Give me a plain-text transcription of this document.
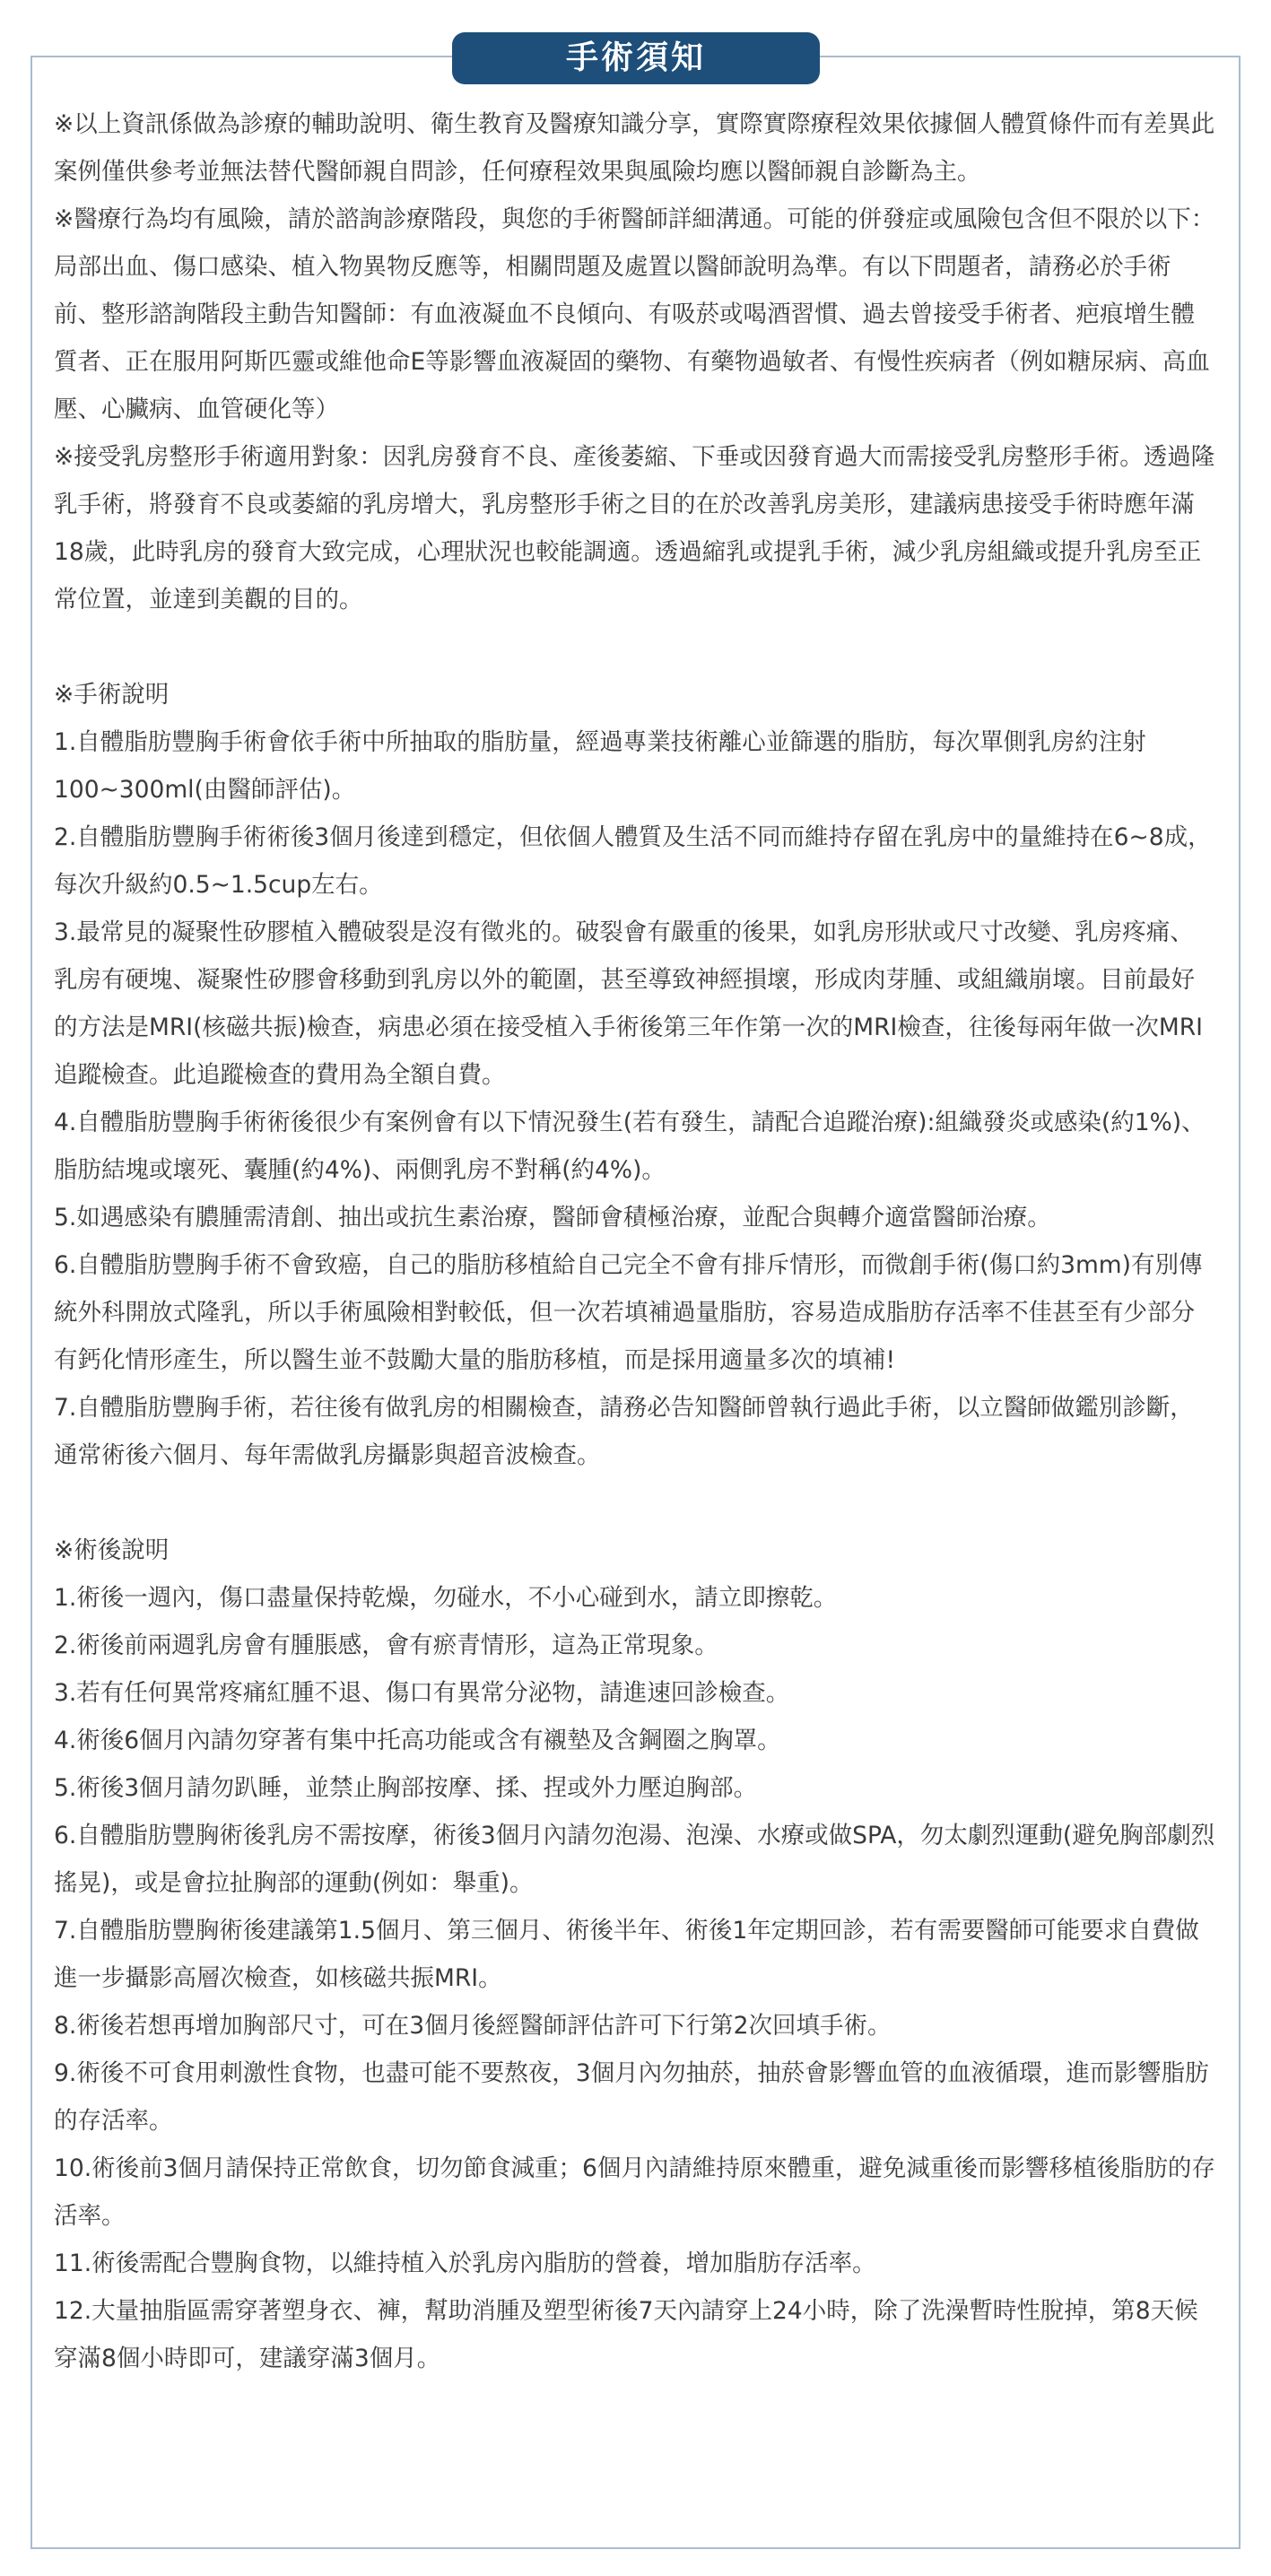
手術須知

※以上資訊係做為診療的輔助說明、衛生教育及醫療知識分享，實際實際療程效果依據個人體質條件而有差異此案例僅供參考並無法替代醫師親自問診，任何療程效果與風險均應以醫師親自診斷為主。

※醫療行為均有風險，請於諮詢診療階段，與您的手術醫師詳細溝通。可能的併發症或風險包含但不限於以下：局部出血、傷口感染、植入物異物反應等，相關問題及處置以醫師說明為準。有以下問題者，請務必於手術前、整形諮詢階段主動告知醫師：有血液凝血不良傾向、有吸菸或喝酒習慣、過去曾接受手術者、疤痕增生體質者、正在服用阿斯匹靈或維他命E等影響血液凝固的藥物、有藥物過敏者、有慢性疾病者（例如糖尿病、高血壓、心臟病、血管硬化等）

※接受乳房整形手術適用對象：因乳房發育不良、產後萎縮、下垂或因發育過大而需接受乳房整形手術。透過隆乳手術，將發育不良或萎縮的乳房增大，乳房整形手術之目的在於改善乳房美形，建議病患接受手術時應年滿18歲，此時乳房的發育大致完成，心理狀況也較能調適。透過縮乳或提乳手術，減少乳房組織或提升乳房至正常位置，並達到美觀的目的。

※手術說明

1.自體脂肪豐胸手術會依手術中所抽取的脂肪量，經過專業技術離心並篩選的脂肪，每次單側乳房約注射100~300ml(由醫師評估)。

2.自體脂肪豐胸手術術後3個月後達到穩定，但依個人體質及生活不同而維持存留在乳房中的量維持在6~8成，每次升級約0.5~1.5cup左右。

3.最常見的凝聚性矽膠植入體破裂是沒有徵兆的。破裂會有嚴重的後果，如乳房形狀或尺寸改變、乳房疼痛、乳房有硬塊、凝聚性矽膠會移動到乳房以外的範圍，甚至導致神經損壞，形成肉芽腫、或組織崩壞。目前最好的方法是MRI(核磁共振)檢查，病患必須在接受植入手術後第三年作第一次的MRI檢查，往後每兩年做一次MRI 追蹤檢查。此追蹤檢查的費用為全額自費。

4.自體脂肪豐胸手術術後很少有案例會有以下情況發生(若有發生，請配合追蹤治療):組織發炎或感染(約1%)、脂肪結塊或壞死、囊腫(約4%)、兩側乳房不對稱(約4%)。

5.如遇感染有膿腫需清創、抽出或抗生素治療，醫師會積極治療，並配合與轉介適當醫師治療。

6.自體脂肪豐胸手術不會致癌，自己的脂肪移植給自己完全不會有排斥情形，而微創手術(傷口約3mm)有別傳統外科開放式隆乳，所以手術風險相對較低，但一次若填補過量脂肪，容易造成脂肪存活率不佳甚至有少部分有鈣化情形產生，所以醫生並不鼓勵大量的脂肪移植，而是採用適量多次的填補!

7.自體脂肪豐胸手術，若往後有做乳房的相關檢查，請務必告知醫師曾執行過此手術，以立醫師做鑑別診斷，通常術後六個月、每年需做乳房攝影與超音波檢查。

※術後說明

1.術後一週內，傷口盡量保持乾燥，勿碰水，不小心碰到水，請立即擦乾。

2.術後前兩週乳房會有腫脹感，會有瘀青情形，這為正常現象。

3.若有任何異常疼痛紅腫不退、傷口有異常分泌物，請進速回診檢查。

4.術後6個月內請勿穿著有集中托高功能或含有襯墊及含鋼圈之胸罩。

5.術後3個月請勿趴睡，並禁止胸部按摩、揉、捏或外力壓迫胸部。

6.自體脂肪豐胸術後乳房不需按摩，術後3個月內請勿泡湯、泡澡、水療或做SPA，勿太劇烈運動(避免胸部劇烈搖晃)，或是會拉扯胸部的運動(例如：舉重)。

7.自體脂肪豐胸術後建議第1.5個月、第三個月、術後半年、術後1年定期回診，若有需要醫師可能要求自費做進一步攝影高層次檢查，如核磁共振MRI。

8.術後若想再增加胸部尺寸，可在3個月後經醫師評估許可下行第2次回填手術。

9.術後不可食用刺激性食物，也盡可能不要熬夜，3個月內勿抽菸，抽菸會影響血管的血液循環，進而影響脂肪的存活率。

10.術後前3個月請保持正常飲食，切勿節食減重；6個月內請維持原來體重，避免減重後而影響移植後脂肪的存活率。

11.術後需配合豐胸食物，以維持植入於乳房內脂肪的營養，增加脂肪存活率。

12.大量抽脂區需穿著塑身衣、褲，幫助消腫及塑型術後7天內請穿上24小時，除了洗澡暫時性脫掉，第8天候穿滿8個小時即可，建議穿滿3個月。
